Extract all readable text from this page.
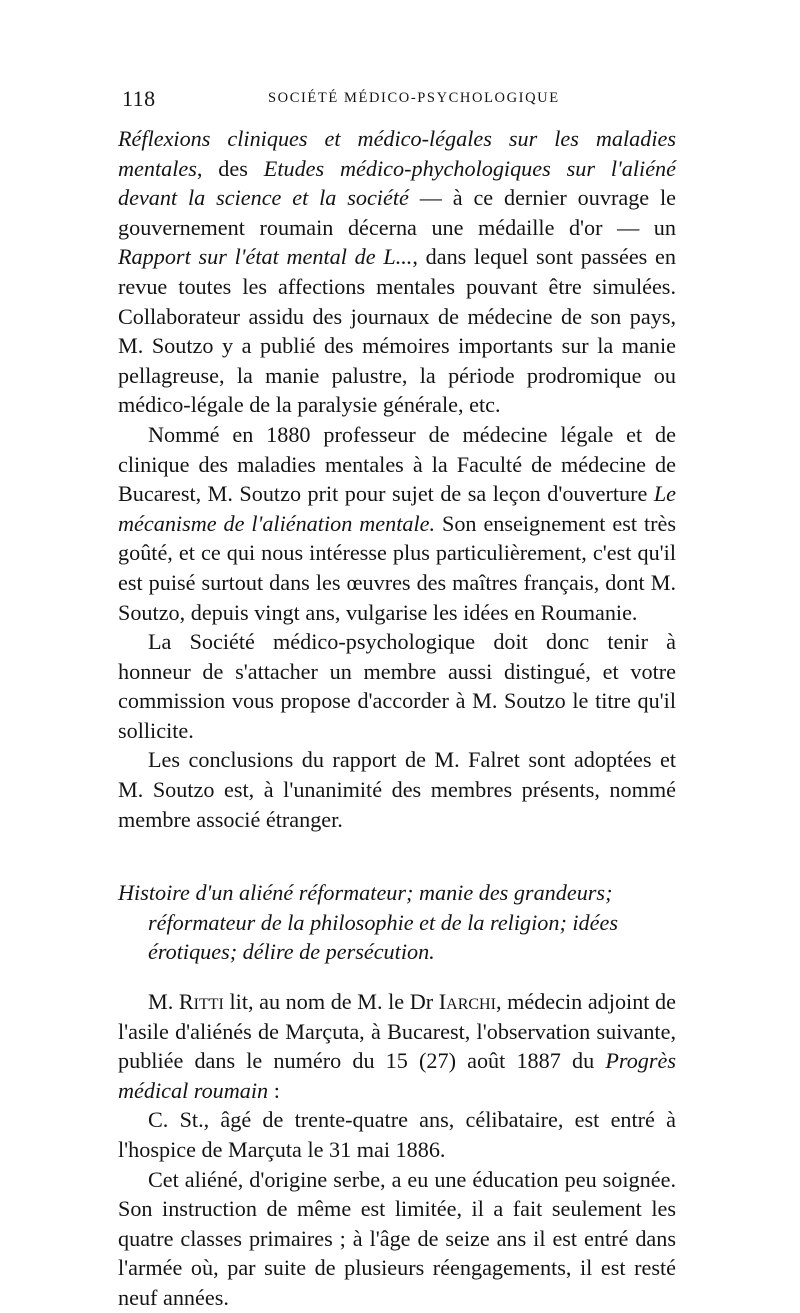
118	SOCIÉTÉ MÉDICO-PSYCHOLOGIQUE

Réflexions cliniques et médico-légales sur les maladies mentales, des Etudes médico-phychologiques sur l'aliéné devant la science et la société — à ce dernier ouvrage le gouvernement roumain décerna une médaille d'or — un Rapport sur l'état mental de L..., dans lequel sont passées en revue toutes les affections mentales pouvant être simulées. Collaborateur assidu des journaux de médecine de son pays, M. Soutzo y a publié des mémoires importants sur la manie pellagreuse, la manie palustre, la période prodromique ou médico-légale de la paralysie générale, etc.

Nommé en 1880 professeur de médecine légale et de clinique des maladies mentales à la Faculté de médecine de Bucarest, M. Soutzo prit pour sujet de sa leçon d'ouverture Le mécanisme de l'aliénation mentale. Son enseignement est très goûté, et ce qui nous intéresse plus particulièrement, c'est qu'il est puisé surtout dans les œuvres des maîtres français, dont M. Soutzo, depuis vingt ans, vulgarise les idées en Roumanie.

La Société médico-psychologique doit donc tenir à honneur de s'attacher un membre aussi distingué, et votre commission vous propose d'accorder à M. Soutzo le titre qu'il sollicite.

Les conclusions du rapport de M. Falret sont adoptées et M. Soutzo est, à l'unanimité des membres présents, nommé membre associé étranger.

Histoire d'un aliéné réformateur; manie des grandeurs;

réformateur de la philosophie et de la religion; idées

érotiques; délire de persécution.

M. Ritti lit, au nom de M. le Dr Iarchi, médecin adjoint de l'asile d'aliénés de Marçuta, à Bucarest, l'observation suivante, publiée dans le numéro du 15 (27) août 1887 du Progrès médical roumain :

C. St., âgé de trente-quatre ans, célibataire, est entré à l'hospice de Marçuta le 31 mai 1886.

Cet aliéné, d'origine serbe, a eu une éducation peu soignée. Son instruction de même est limitée, il a fait seulement les quatre classes primaires ; à l'âge de seize ans il est entré dans l'armée où, par suite de plusieurs réengagements, il est resté neuf années.
